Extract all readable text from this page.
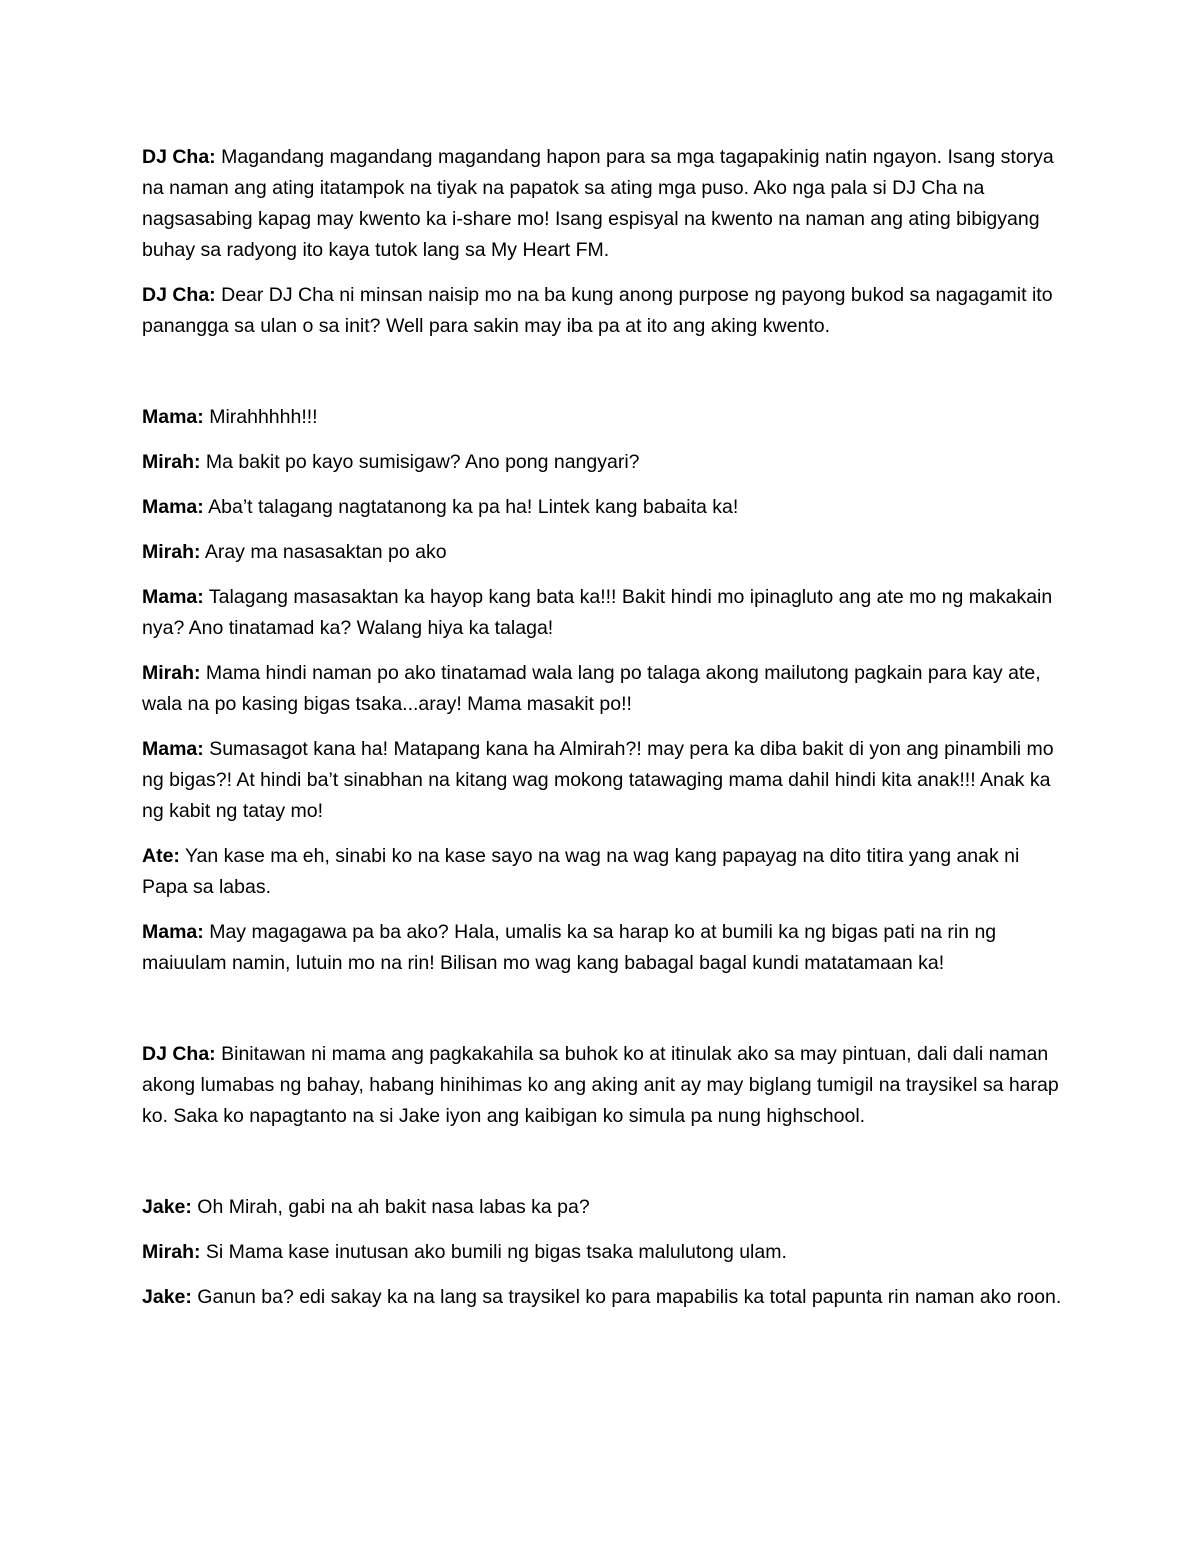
DJ Cha: Magandang magandang magandang hapon para sa mga tagapakinig natin ngayon. Isang storya na naman ang ating itatampok na tiyak na papatok sa ating mga puso. Ako nga pala si DJ Cha na nagsasabing kapag may kwento ka i-share mo! Isang espisyal na kwento na naman ang ating bibigyang buhay sa radyong ito kaya tutok lang sa My Heart FM.

DJ Cha: Dear DJ Cha ni minsan naisip mo na ba kung anong purpose ng payong bukod sa nagagamit ito panangga sa ulan o sa init? Well para sakin may iba pa at ito ang aking kwento.

Mama: Mirahhhhh!!!

Mirah: Ma bakit po kayo sumisigaw? Ano pong nangyari?

Mama: Aba’t talagang nagtatanong ka pa ha! Lintek kang babaita ka!

Mirah: Aray ma nasasaktan po ako

Mama: Talagang masasaktan ka hayop kang bata ka!!! Bakit hindi mo ipinagluto ang ate mo ng makakain nya? Ano tinatamad ka? Walang hiya ka talaga!

Mirah: Mama hindi naman po ako tinatamad wala lang po talaga akong mailutong pagkain para kay ate, wala na po kasing bigas tsaka...aray! Mama masakit po!!

Mama: Sumasagot kana ha! Matapang kana ha Almirah?! may pera ka diba bakit di yon ang pinambili mo ng bigas?! At hindi ba’t sinabhan na kitang wag mokong tatawaging mama dahil hindi kita anak!!! Anak ka ng kabit ng tatay mo!

Ate: Yan kase ma eh, sinabi ko na kase sayo na wag na wag kang papayag na dito titira yang anak ni Papa sa labas.

Mama: May magagawa pa ba ako? Hala, umalis ka sa harap ko at bumili ka ng bigas pati na rin ng maiuulam namin, lutuin mo na rin! Bilisan mo wag kang babagal bagal kundi matatamaan ka!

DJ Cha: Binitawan ni mama ang pagkakahila sa buhok ko at itinulak ako sa may pintuan, dali dali naman akong lumabas ng bahay, habang hinihimas ko ang aking anit ay may biglang tumigil na traysikel sa harap ko. Saka ko napagtanto na si Jake iyon ang kaibigan ko simula pa nung highschool.

Jake: Oh Mirah, gabi na ah bakit nasa labas ka pa?

Mirah: Si Mama kase inutusan ako bumili ng bigas tsaka malulutong ulam.

Jake: Ganun ba? edi sakay ka na lang sa traysikel ko para mapabilis ka total papunta rin naman ako roon.
